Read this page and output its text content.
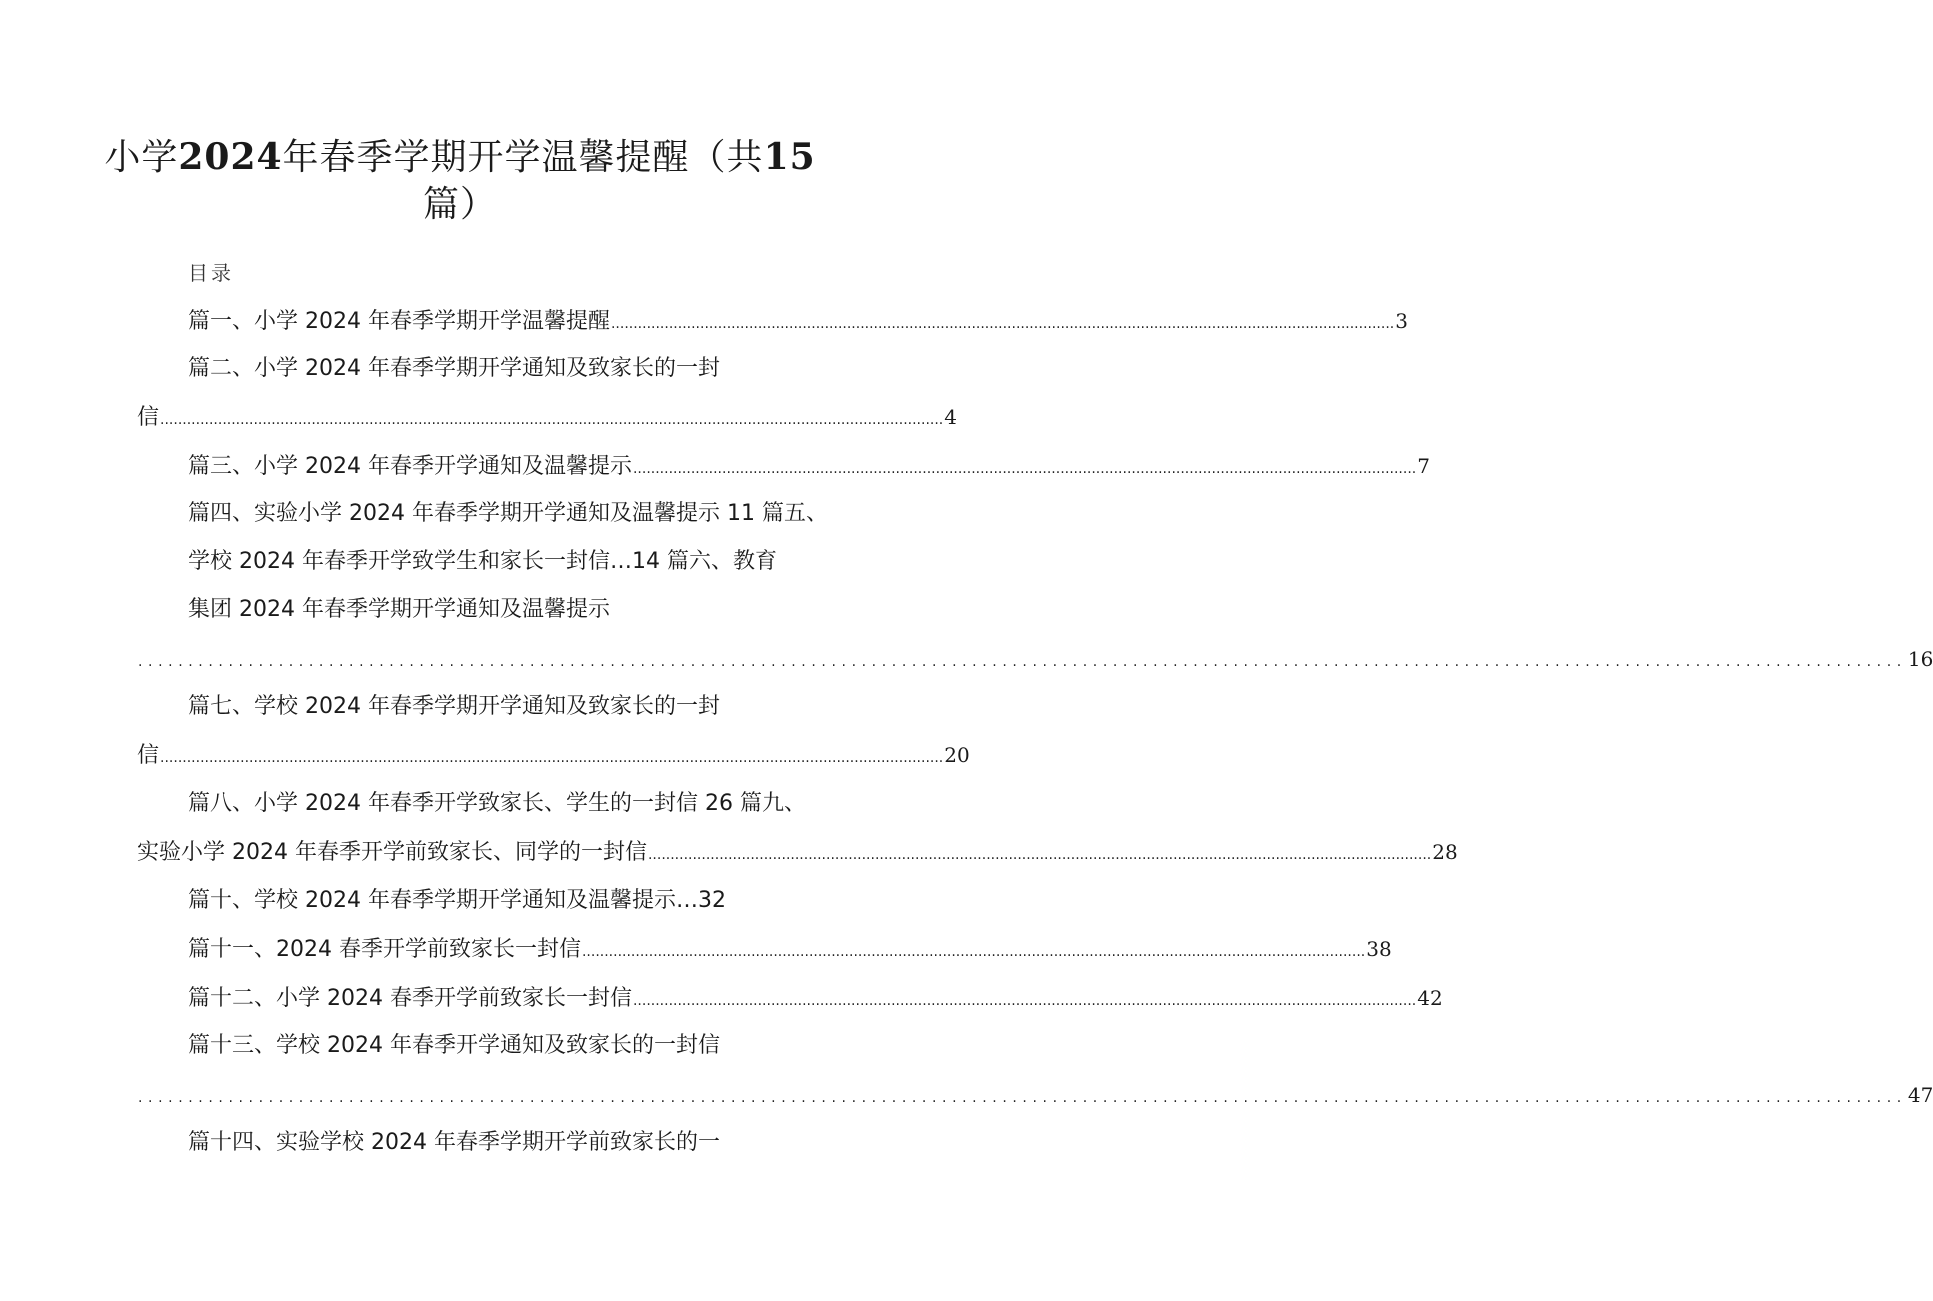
小学2024年春季学期开学温馨提醒（共15
篇）
目录
篇一、小学 2024 年春季学期开学温馨提醒 ................................................................................................................................................................................ 3
篇二、小学 2024 年春季学期开学通知及致家长的一封
信 ................................................................................................................................................................................ 4
篇三、小学 2024 年春季开学通知及温馨提示 ................................................................................................................................................................................ 7
篇四、实验小学 2024 年春季学期开学通知及温馨提示 11 篇五、
学校 2024 年春季开学致学生和家长一封信…14 篇六、教育
集团 2024 年春季学期开学通知及温馨提示
................................................................................................................................................................................ 16
篇七、学校 2024 年春季学期开学通知及致家长的一封
信 ................................................................................................................................................................................ 20
篇八、小学 2024 年春季开学致家长、学生的一封信 26 篇九、
实验小学 2024 年春季开学前致家长、同学的一封信 ................................................................................................................................................................................ 28
篇十、学校 2024 年春季学期开学通知及温馨提示…32
篇十一、2024 春季开学前致家长一封信 ................................................................................................................................................................................ 38
篇十二、小学 2024 春季开学前致家长一封信 ................................................................................................................................................................................ 42
篇十三、学校 2024 年春季开学通知及致家长的一封信
................................................................................................................................................................................ 47
篇十四、实验学校 2024 年春季学期开学前致家长的一
